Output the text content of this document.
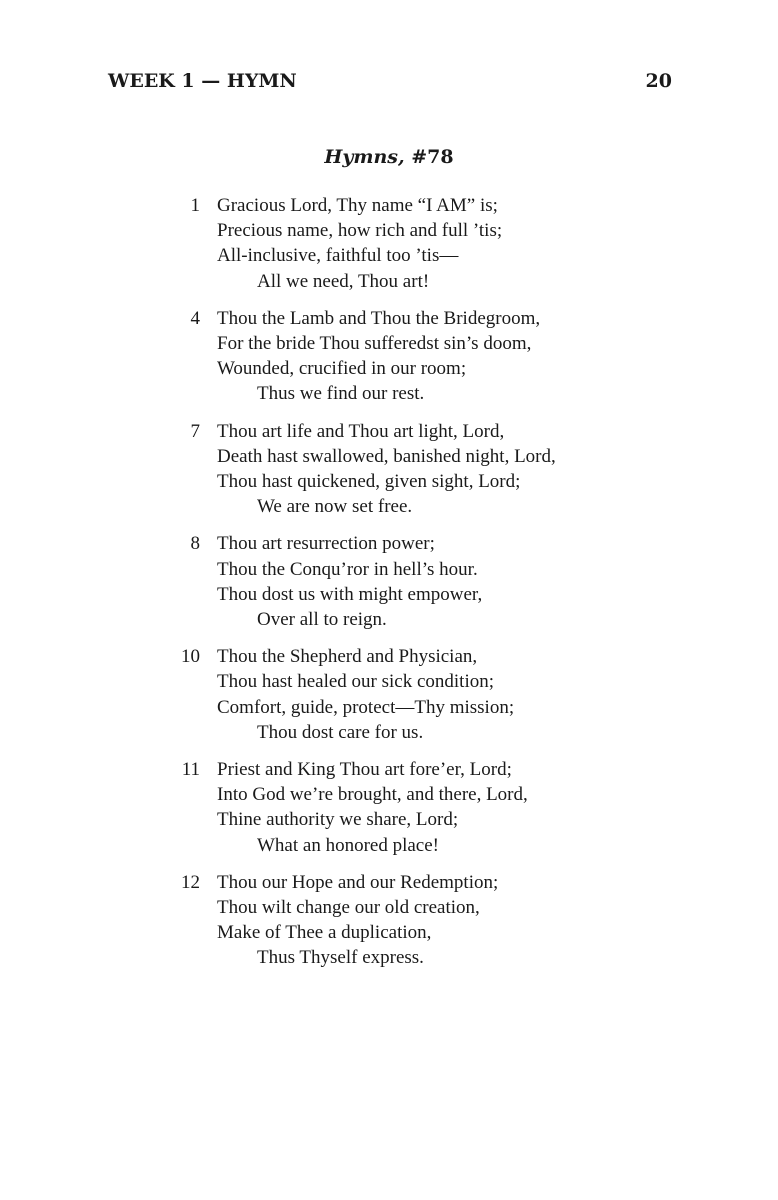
WEEK 1 — HYMN	20
Hymns, #78
1 Gracious Lord, Thy name “I AM” is;
Precious name, how rich and full ’tis;
All-inclusive, faithful too ’tis—
All we need, Thou art!
4 Thou the Lamb and Thou the Bridegroom,
For the bride Thou sufferedst sin’s doom,
Wounded, crucified in our room;
Thus we find our rest.
7 Thou art life and Thou art light, Lord,
Death hast swallowed, banished night, Lord,
Thou hast quickened, given sight, Lord;
We are now set free.
8 Thou art resurrection power;
Thou the Conqu’ror in hell’s hour.
Thou dost us with might empower,
Over all to reign.
10 Thou the Shepherd and Physician,
Thou hast healed our sick condition;
Comfort, guide, protect—Thy mission;
Thou dost care for us.
11 Priest and King Thou art fore’er, Lord;
Into God we’re brought, and there, Lord,
Thine authority we share, Lord;
What an honored place!
12 Thou our Hope and our Redemption;
Thou wilt change our old creation,
Make of Thee a duplication,
Thus Thyself express.
